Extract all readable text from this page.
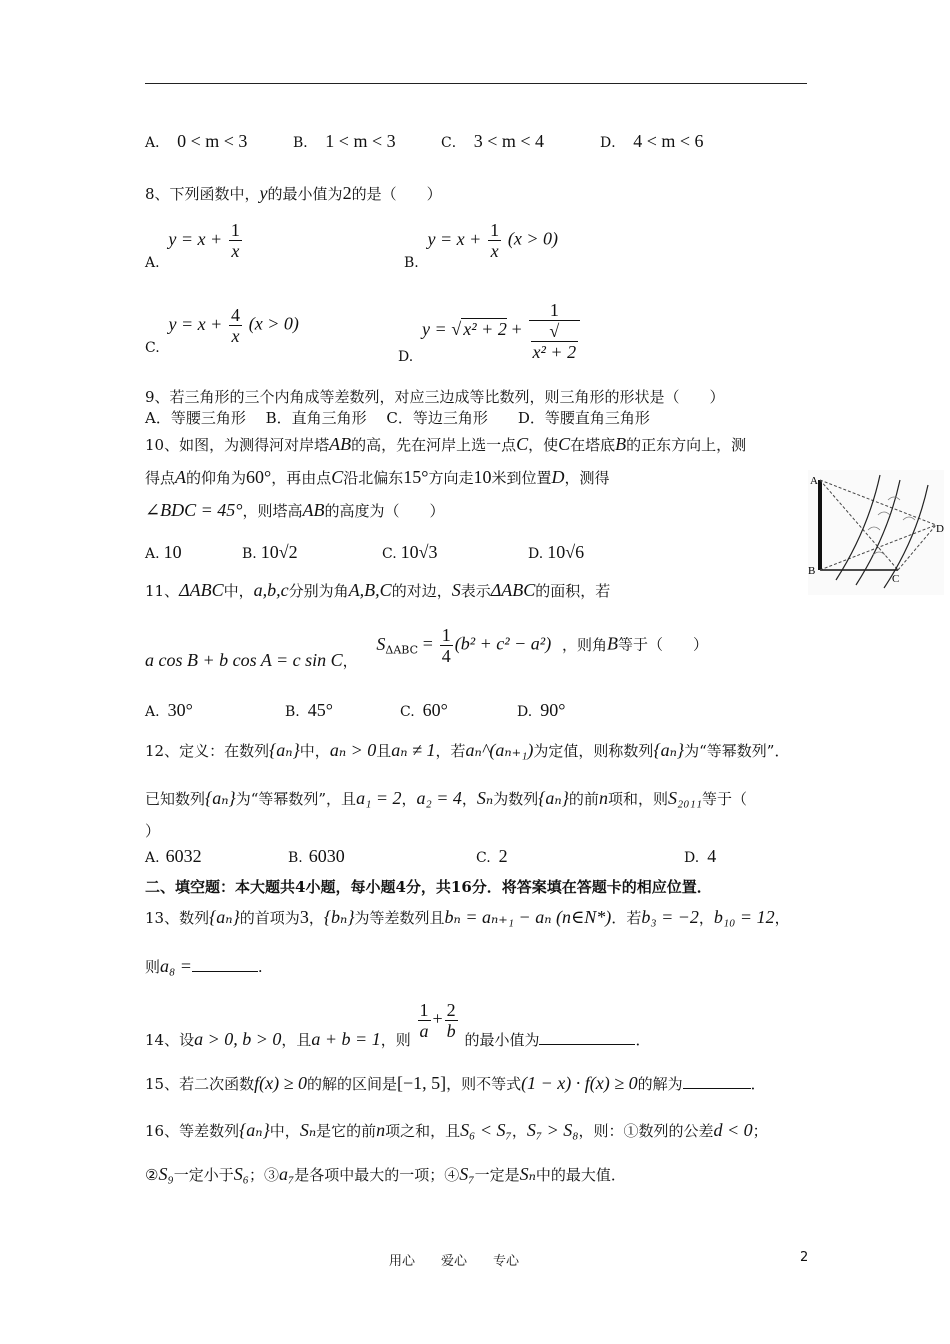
A． 0 < m < 3	B． 1 < m < 3	C． 3 < m < 4	D． 4 < m < 6
8、下列函数中，y的最小值为2的是（　　）
A. $y = x + \frac{1}{x}$
B. $y = x + \frac{1}{x} (x > 0)$
C. $y = x + \frac{4}{x} (x > 0)$
D. y = √ x² + 2 + 1
√
x² + 2
9、若三角形的三个内角成等差数列，对应三边成等比数列，则三角形的形状是（　　）
A．等腰三角形　 B．直角三角形　 C．等边三角形　　D．等腰直角三角形
10、如图，为测得河对岸塔AB的高，先在河岸上选一点C，使C在塔底B的正东方向上，测
得点A的仰角为60°，再由点C沿北偏东15°方向走10米到位置D，测得
∠BDC = 45°，则塔高AB的高度为（　　）
A. 10	B. 10√2	C. 10√3	D. 10√6
A
B
C
D
11、ΔABC中，a,b,c分别为角A,B,C的对边，S表示ΔABC的面积，若
a cos B + b cos A = c sin C， $S_{\Delta ABC} = \frac{1}{4} (b^2 + c^2 - a^2)$ ，则角B等于（　　）
A. 30°	B. 45°	C. 60°	D. 90°
12、定义：在数列{aₙ}中，aₙ > 0且aₙ ≠ 1，若aₙ^(aₙ₊₁)为定值，则称数列{aₙ}为“等幂数列”．
已知数列{aₙ}为“等幂数列”，且a₁ = 2，a₂ = 4，Sₙ为数列{aₙ}的前n项和，则S₂₀₁₁等于（
）
A. 6032	B. 6030	C. 2	D. 4
二、填空题：本大题共4小题，每小题4分，共16分．将答案填在答题卡的相应位置．
13、数列{aₙ}的首项为3，{bₙ}为等差数列且bₙ = aₙ₊₁ − aₙ (n∈N*)．若b₃ = −2，b₁₀ = 12，
则a₈ =	.
14、设a > 0, b > 0，且a + b = 1，则 $\frac{1}{a} + \frac{2}{b}$ 的最小值为	．
15、若二次函数f(x) ≥ 0的解的区间是[−1, 5]，则不等式(1 − x) · f(x) ≥ 0的解为	．
16、等差数列{aₙ}中，Sₙ是它的前n项之和，且S₆ < S₇，S₇ > S₈，则：①数列的公差d < 0；
②S₉一定小于S₆；③a₇是各项中最大的一项；④S₇一定是Sₙ中的最大值．
用心　　爱心　　专心	2
